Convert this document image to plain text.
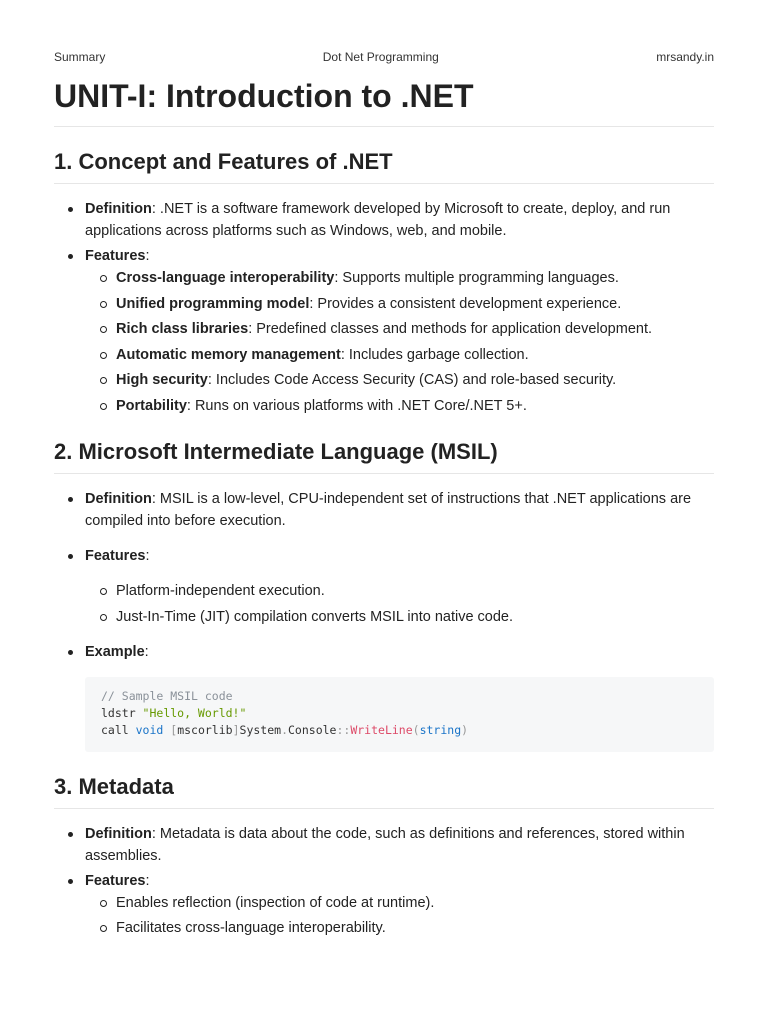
Summary	Dot Net Programming	mrsandy.in
UNIT-I: Introduction to .NET
1. Concept and Features of .NET
Definition: .NET is a software framework developed by Microsoft to create, deploy, and run applications across platforms such as Windows, web, and mobile.
Features:
Cross-language interoperability: Supports multiple programming languages.
Unified programming model: Provides a consistent development experience.
Rich class libraries: Predefined classes and methods for application development.
Automatic memory management: Includes garbage collection.
High security: Includes Code Access Security (CAS) and role-based security.
Portability: Runs on various platforms with .NET Core/.NET 5+.
2. Microsoft Intermediate Language (MSIL)
Definition: MSIL is a low-level, CPU-independent set of instructions that .NET applications are compiled into before execution.
Features:
Platform-independent execution.
Just-In-Time (JIT) compilation converts MSIL into native code.
Example:
// Sample MSIL code
ldstr "Hello, World!"
call void [mscorlib]System.Console::WriteLine(string)
3. Metadata
Definition: Metadata is data about the code, such as definitions and references, stored within assemblies.
Features:
Enables reflection (inspection of code at runtime).
Facilitates cross-language interoperability.
